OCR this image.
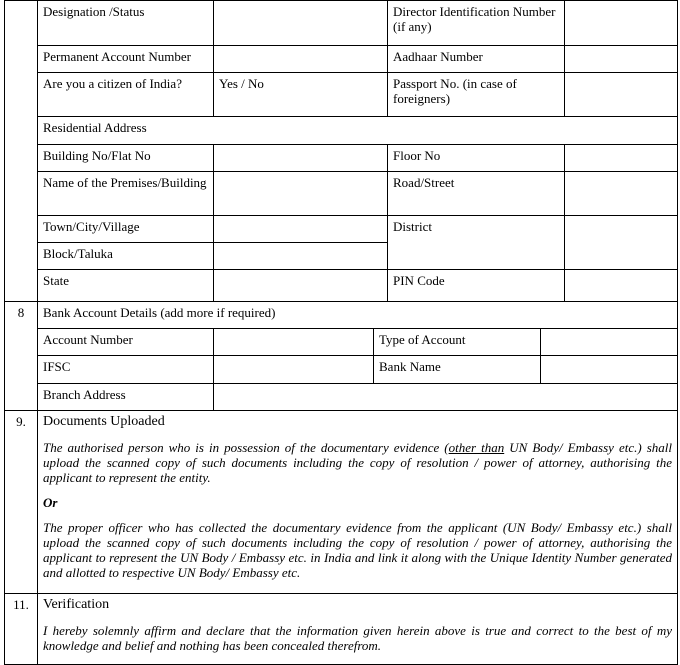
	Designation /Status			Director Identification Number (if any)		
	Permanent Account Number			Aadhaar Number		
	Are you a citizen of India?	Yes / No		Passport No. (in case of foreigners)		
	Residential Address					
	Building No/Flat No			Floor No		
	Name of the Premises/Building			Road/Street		
	Town/City/Village			District		
	Block/Taluka					
	State			PIN Code		

8	Bank Account Details (add more if required)					
	Account Number		Type of Account			
	IFSC		Bank Name			
	Branch Address					
9.	Documents Uploaded

The authorised person who is in possession of the documentary evidence (other than UN Body/ Embassy etc.) shall upload the scanned copy of such documents including the copy of resolution / power of attorney, authorising the applicant to represent the entity.

Or

The proper officer who has collected the documentary evidence from the applicant (UN Body/ Embassy etc.) shall upload the scanned copy of such documents including the copy of resolution / power of attorney, authorising the applicant to represent the UN Body / Embassy etc. in India and link it along with the Unique Identity Number generated and allotted to respective UN Body/ Embassy etc.					

11.	Verification

I hereby solemnly affirm and declare that the information given herein above is true and correct to the best of my knowledge and belief and nothing has been concealed therefrom.					
